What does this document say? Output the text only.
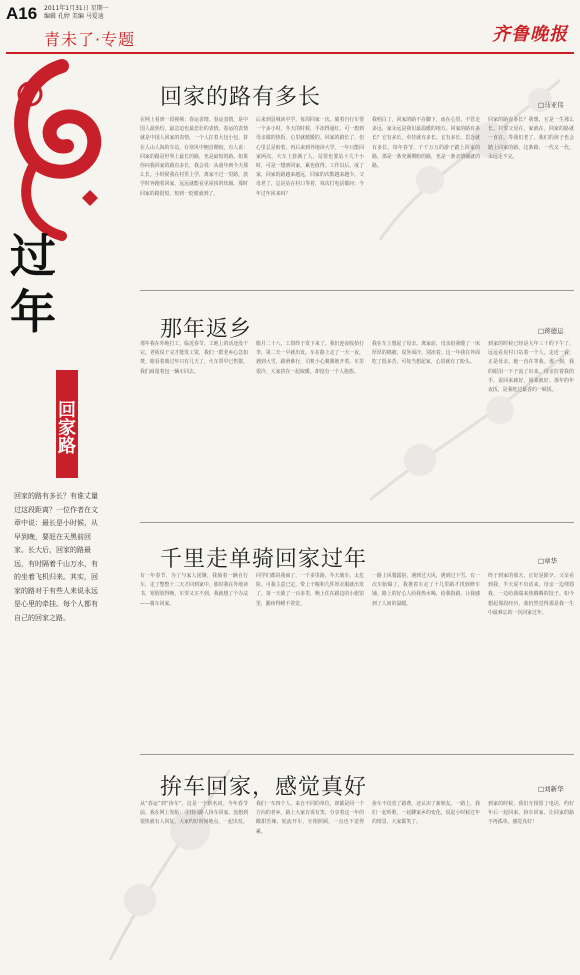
A16 2011年1月31日 星期一
编辑 孔婷 美编 马爱迪
青未了·专题	齐鲁晚报
过年
回家路
回家的路有多长？有谁丈量过这段距离？一位作者在文章中说：最长是小时候，从早到晚，要赶在天黑前回家。长大后，回家的路最远，有时隔着千山万水，有的坐着飞机归来。其实，回家的路对于有些人来说永远是心里的牵挂。每个人都有自己的回家之路。
回家的路有多长	□马亚伟
在网上看到一段视频：春运表情。春运表情，是中国人最焦灼、最急迫也最悲壮的表情。春运的表情就是中国人回家的表情。一个人扛着大包小包，挤在人山人海的车站，在寒风中翘首期盼。有人说：回家的路是世界上最长的路，也是最短的路。如果你问我回家的路有多长，我会说：从童年到今天那么长。小时候我在村里上学，离家不过一里路，放学时奔跑着回家，远远就能看见屋顶的炊烟。那时回家的路很短，短到一眨眼就到了。
后来到县城读中学，每周回家一次。骑着自行车要一个多小时，冬天的时候，手冻得通红，可一想到母亲做的热饭，心里就暖暖的。回家的路长了，但心里总是盼着。再后来到外地读大学，一年只能回家两次。火车上挤满了人，站票也要站十几个小时，可是一想到回家，累也值得。工作以后，成了家，回家的路越来越远，回家的次数越来越少。父母老了，总是站在村口等着，每次打电话都问：今年过年回来吗？
我明白了，回家的路不在脚下，而在心里。不管走多远，家永远是我们最温暖的地方。回家的路有多长？它有多长，牵挂就有多长。它有多长，思念就有多长。每年春节，千千万万的游子踏上回家的路，那是一条充满期盼的路，也是一条亲情铺就的路。
回家的路有多长？我想，它是一生那么长。只要父母在，家就在，回家的路就一直在。等我们老了，我们的孩子也会踏上回家的路。这条路，一代又一代，永远走不完。
那年返乡	□蒋德运
那年我在外地打工，临近春节，工地上的活还没干完。老板说干完才能发工资，我们一群老乡心急如焚。眼看着离过年只有几天了，火车票早已售罄，我们商量着包一辆车回去。
腊月二十八，工资终于发下来了。我们连夜收拾行李，第二天一早就出发。车在路上走了一天一夜，遇到大雪，路滑难行，司机小心翼翼地开着。车里很冷，大家挤在一起取暖，却没有一个人抱怨。
我在车上想起了母亲。离家前，母亲给我缝了一床厚厚的棉被，说外面冷，别冻着。这一年我在外面吃了很多苦，可每当想起家，心里就有了盼头。
到家的时候已经是大年三十的下午了，远远看见村口站着一个人，走近一看，正是母亲。她一直在等我。那一刻，我的眼泪一下子流了出来。母亲拉着我的手，说回来就好，回来就好。那年的年夜饭，是我吃过最香的一顿饭。
千里走单骑回家过年	□章华
有一年春节，为了与家人团聚，我骑着一辆自行车，走了整整十二天才回到家中。那时我在外地读书，寒假放得晚，车票又买不到，我就想了个办法——骑车回家。
同学们都说我疯了，一千多里路，冬天骑车，太危险。可我主意已定，带上干粮和几件厚衣服就出发了。第一天骑了一百多里，晚上住在路边的小旅馆里，腿疼得睡不着觉。
一路上风餐露宿，遇到过大风，遇到过下雪。有一次车胎爆了，我推着车走了十几里路才找到修车铺。路上的好心人给我热水喝，给我指路，让我感到了人间的温暖。
终于到家的那天，正好是除夕。父亲看到我，半天说不出话来。母亲一边埋怨我，一边给我端来热腾腾的饺子。如今想起那段经历，我仍然觉得那是我一生中最难忘的一次回家过年。
拚车回家，感觉真好	□刘新华
从“春运”到“拚车”，这是一个新名词。今年春节前，我在网上发帖：寻找同路人拚车回家。没想到很快就有人回复，大家约好时间地点，一起出发。
我们一车四个人，来自不同的单位，却都是同一个方向的老乡。路上大家有说有笑，分享着这一年的酸甜苦辣，轮流开车，互相照顾，一点也不觉得累。
拚车不仅省了路费，还认识了新朋友。一路上，我们一起听歌，一起聊家乡的变化，说起小时候过年的情景，大家都笑了。
到家的时候，我们互相留了电话，约好年后一起回来。拚车回家，让回家的路不再孤单。感觉真好！
